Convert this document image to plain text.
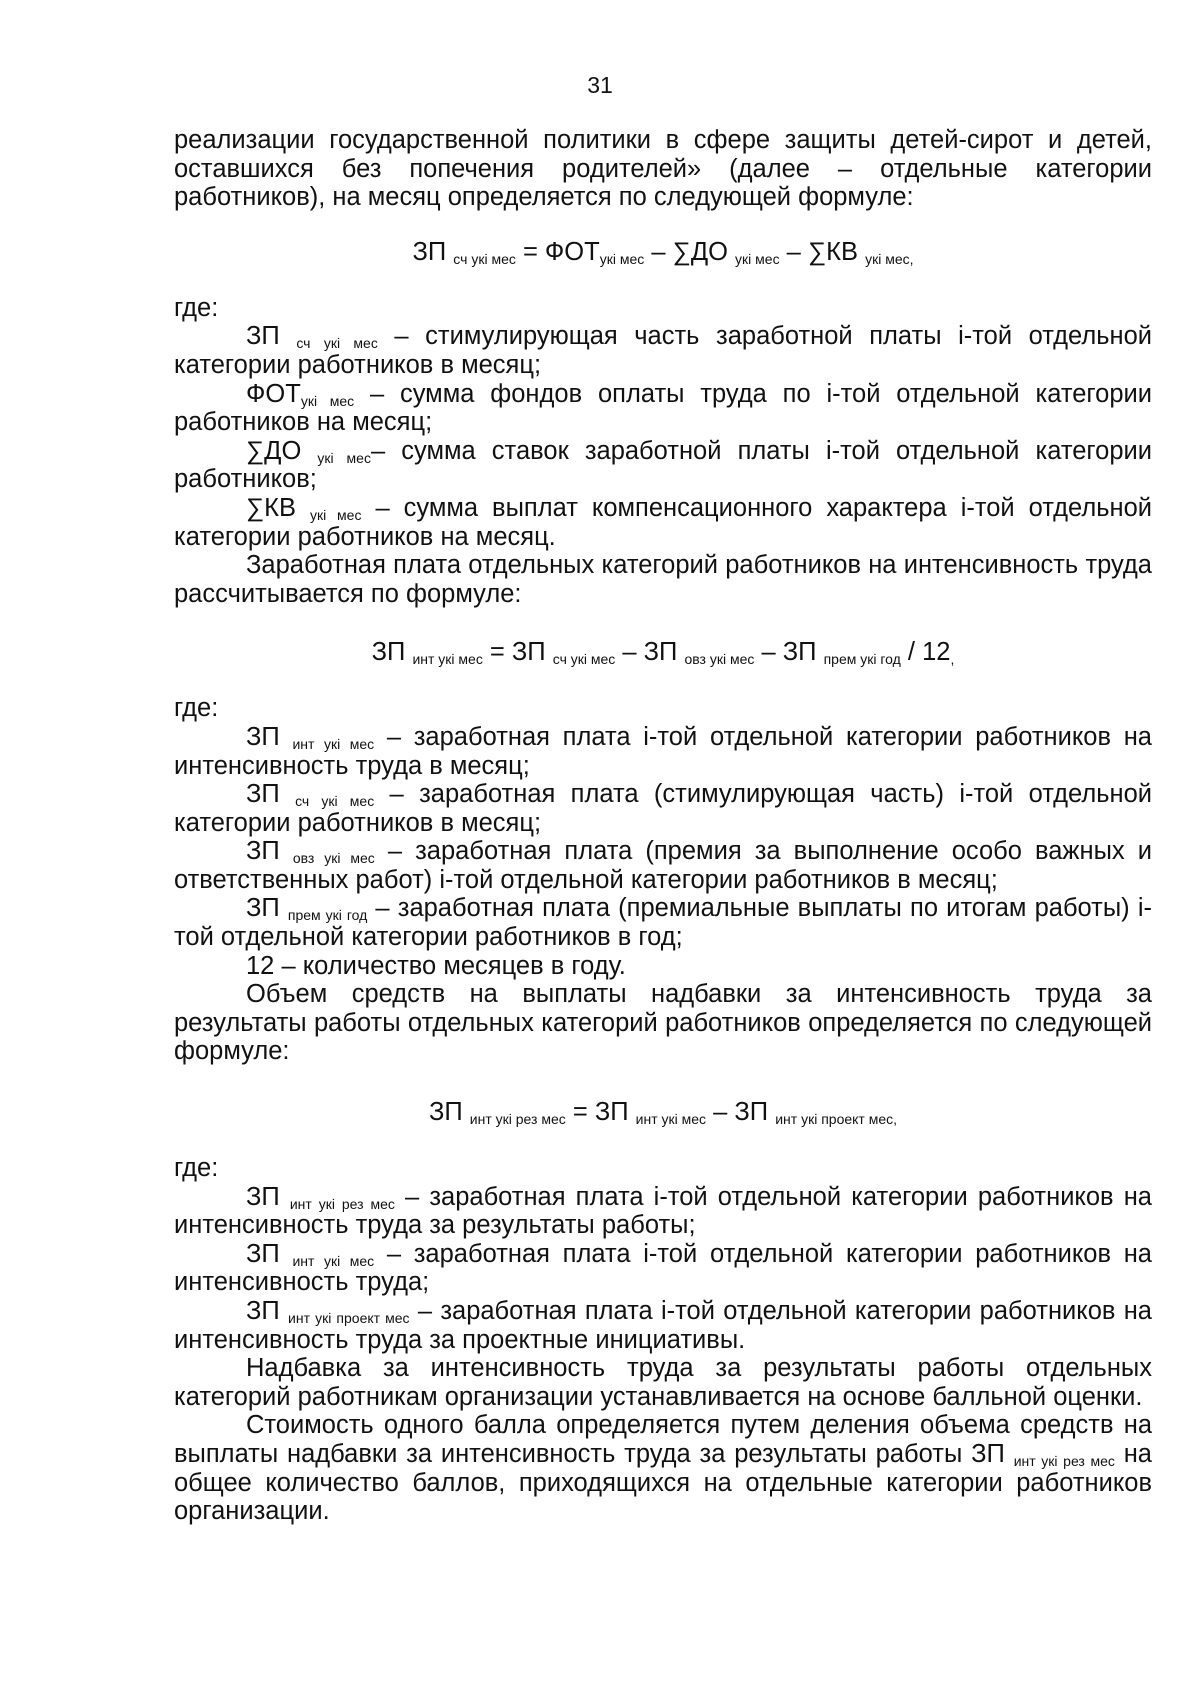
31

реализации государственной политики в сфере защиты детей-сирот и детей, оставшихся без попечения родителей» (далее – отдельные категории работников), на месяц определяется по следующей формуле:

ЗП $_{сч укі мес} = ФОТ_{укі мес} - \sum ДО$ $_{укі мес}$ – ∑КВ $_{укі мес,}$

где:

ЗП $_{сч укі мес}$ – стимулирующая часть заработной платы і-той отдельной категории работников в месяц;

$ФОТ_{укі мес}$ – сумма фондов оплаты труда по і-той отдельной категории работников на месяц;

∑ДО $_{укі мес}$– сумма ставок заработной платы і-той отдельной категории работников;

∑КВ $_{укі мес}$ – сумма выплат компенсационного характера і-той отдельной категории работников на месяц.

Заработная плата отдельных категорий работников на интенсивность труда рассчитывается по формуле:

ЗП $_{инт укі мес}$ = ЗП $_{сч укі мес}$ – ЗП $_{овз укі мес}$ – ЗП $_{прем укі год} / 12_,$

где:

ЗП $_{инт укі мес}$ – заработная плата і-той отдельной категории работников на интенсивность труда в месяц;

ЗП $_{сч укі мес}$ – заработная плата (стимулирующая часть) і-той отдельной категории работников в месяц;

ЗП $_{овз укі мес}$ – заработная плата (премия за выполнение особо важных и ответственных работ) і-той отдельной категории работников в месяц;

ЗП $_{прем укі год}$ – заработная плата (премиальные выплаты по итогам работы) і-той отдельной категории работников в год;

12 – количество месяцев в году.

Объем средств на выплаты надбавки за интенсивность труда за результаты работы отдельных категорий работников определяется по следующей формуле:

ЗП $_{инт укі рез мес}$ = ЗП $_{инт укі мес}$ – ЗП $_{инт укі проект мес,}$

где:

ЗП $_{инт укі рез мес}$ – заработная плата і-той отдельной категории работников на интенсивность труда за результаты работы;

ЗП $_{инт укі мес}$ – заработная плата і-той отдельной категории работников на интенсивность труда;

ЗП $_{инт укі проект мес}$ – заработная плата і-той отдельной категории работников на интенсивность труда за проектные инициативы.

Надбавка за интенсивность труда за результаты работы отдельных категорий работникам организации устанавливается на основе балльной оценки.

Стоимость одного балла определяется путем деления объема средств на выплаты надбавки за интенсивность труда за результаты работы ЗП $_{инт укі рез мес}$ на общее количество баллов, приходящихся на отдельные категории работников организации.
